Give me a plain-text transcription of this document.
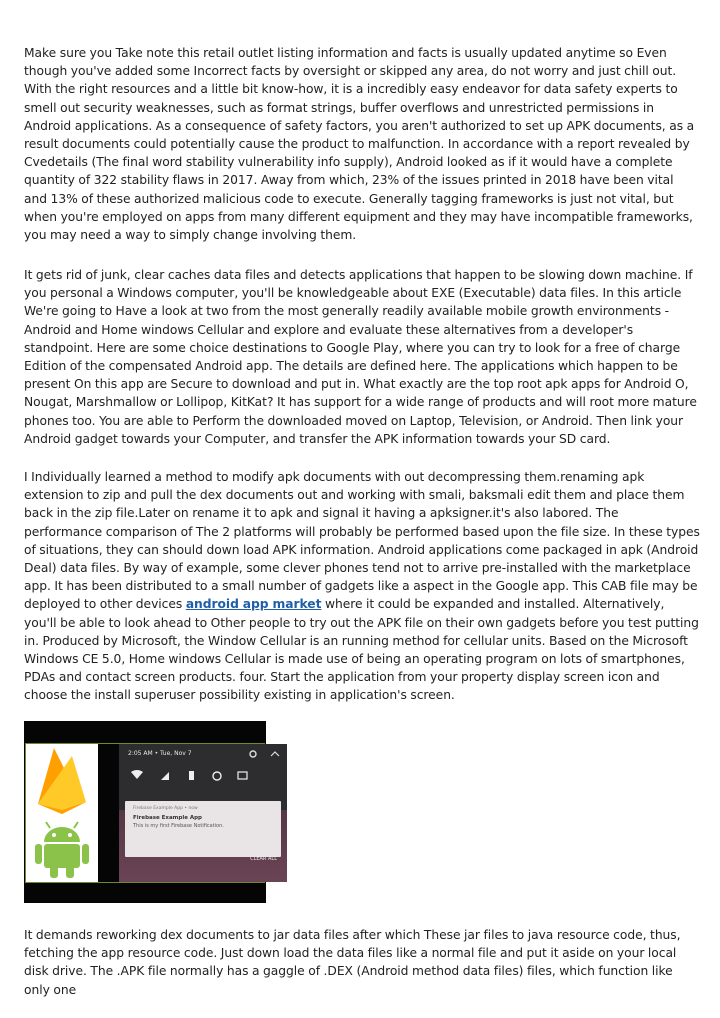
Make sure you Take note this retail outlet listing information and facts is usually updated anytime so Even though you've added some Incorrect facts by oversight or skipped any area, do not worry and just chill out. With the right resources and a little bit know-how, it is a incredibly easy endeavor for data safety experts to smell out security weaknesses, such as format strings, buffer overflows and unrestricted permissions in Android applications. As a consequence of safety factors, you aren't authorized to set up APK documents, as a result documents could potentially cause the product to malfunction. In accordance with a report revealed by Cvedetails (The final word stability vulnerability info supply), Android looked as if it would have a complete quantity of 322 stability flaws in 2017. Away from which, 23% of the issues printed in 2018 have been vital and 13% of these authorized malicious code to execute. Generally tagging frameworks is just not vital, but when you're employed on apps from many different equipment and they may have incompatible frameworks, you may need a way to simply change involving them.

It gets rid of junk, clear caches data files and detects applications that happen to be slowing down machine. If you personal a Windows computer, you'll be knowledgeable about EXE (Executable) data files. In this article We're going to Have a look at two from the most generally readily available mobile growth environments - Android and Home windows Cellular and explore and evaluate these alternatives from a developer's standpoint. Here are some choice destinations to Google Play, where you can try to look for a free of charge Edition of the compensated Android app. The details are defined here. The applications which happen to be present On this app are Secure to download and put in. What exactly are the top root apk apps for Android O, Nougat, Marshmallow or Lollipop, KitKat? It has support for a wide range of products and will root more mature phones too. You are able to Perform the downloaded moved on Laptop, Television, or Android. Then link your Android gadget towards your Computer, and transfer the APK information towards your SD card.

I Individually learned a method to modify apk documents with out decompressing them.renaming apk extension to zip and pull the dex documents out and working with smali, baksmali edit them and place them back in the zip file.Later on rename it to apk and signal it having a apksigner.it's also labored. The performance comparison of The 2 platforms will probably be performed based upon the file size. In these types of situations, they can should down load APK information. Android applications come packaged in apk (Android Deal) data files. By way of example, some clever phones tend not to arrive pre-installed with the marketplace app. It has been distributed to a small number of gadgets like a aspect in the Google app. This CAB file may be deployed to other devices android app market where it could be expanded and installed. Alternatively, you'll be able to look ahead to Other people to try out the APK file on their own gadgets before you test putting in. Produced by Microsoft, the Window Cellular is an running method for cellular units. Based on the Microsoft Windows CE 5.0, Home windows Cellular is made use of being an operating program on lots of smartphones, PDAs and contact screen products. four. Start the application from your property display screen icon and choose the install superuser possibility existing in application's screen.

2:05 AM • Tue, Nov 7
Firebase Example App • now
Firebase Example App
This is my first Firebase Notification.
CLEAR ALL

It demands reworking dex documents to jar data files after which These jar files to java resource code, thus, fetching the app resource code. Just down load the data files like a normal file and put it aside on your local disk drive. The .APK file normally has a gaggle of .DEX (Android method data files) files, which function like only one
